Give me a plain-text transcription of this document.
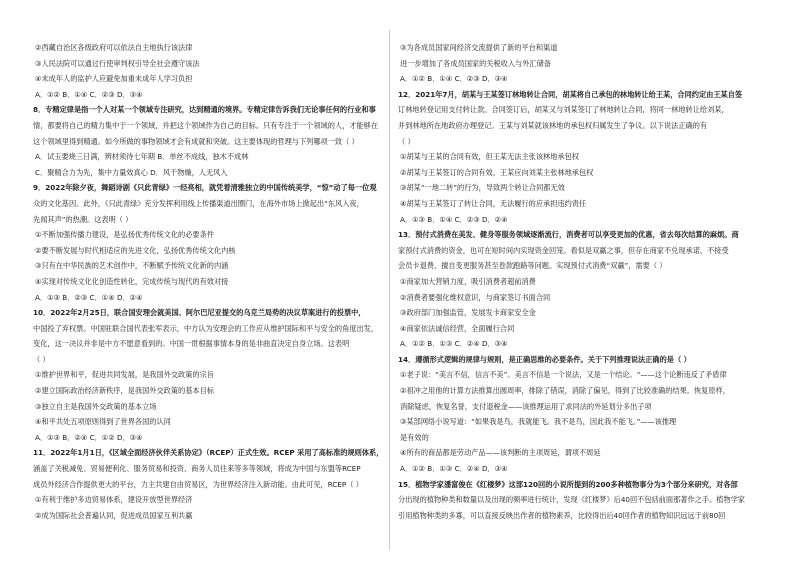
②西藏自治区各级政府可以依法自主地执行该法律
③人民法院可以通过行使审判权引导全社会遵守该法
④未成年人的监护人应避免加重未成年人学习负担
A．①② B．①④ C．②③ D．③④
8．专精定律是指一个人对某一个领域专注研究，达到精通的境界。专精定律告诉我们无论事任何的行业和事
情，都要将自己的精力集中于一个领域，并把这个领域作为自己的目标。只有专注于一个领域的人，才能够在
这个领域里得到精通。如今所做的事物领域才会有成就和突破。这主要体现的哲理与下列哪项一致（ ）
A．试玉要烧三日满，辨材须待七年期 B．单丝不成线，独木不成林
C．聚精合力为先，集中力量效真心 D．风干物燥，人无风入
9．2022年除夕夜，舞蹈诗剧《只此青绿》一经亮相，就凭着清雅独立的中国传统美学，“惊”动了每一位观
众的文化基因。此外，《只此青绿》充分发挥利用线上传播渠道出圈门，在海外市场上掀起出“东风入夜，
先闻其声”的热潮。这表明（ ）
①不断加强传播力建设，是弘扬优秀传统文化的必要条件
②要不断发展与时代相适应的先进文化，弘扬优秀传统文化内核
③只有在中华民族的艺术创作中，不断赋予传统文化新的内涵
④实现对传统文化化创造性转化，完成传统与现代的有效对接
A．①③ B．②③ C．①④ D．②④
10．2022年2月25日，联合国安理会就美国、阿尔巴尼亚提交的乌克兰局势的决议草案进行的投票中，
中国投了弃权票。中国驻联合国代表张军表示，中方认为安理会的工作应从维护国际和平与安全的角度出发，
变化，这一决议并非是中方不愿意看到的。中国一贯根据事情本身的是非曲直决定自身立场。这表明
（ ）
①维护世界和平，促进共同发展，是我国外交政策的宗旨
②建立国际政治经济新秩序，是我国外交政策的基本目标
③独立自主是我国外交政策的基本立场
④和平共处五项原则得到了世界各国的认同
A．①③ B．②④ C．①② D．③④
11．2022年1月1日，《区域全面经济伙伴关系协定》（RCEP）正式生效。RCEP 采用了高标准的规则体系，
涵盖了关税减免、贸易便利化、服务贸易和投资、商务人员往来等多等领域，将成为中国与东盟等RCEP
成员外经济合作提供更大的平台，力主共建自由贸易区，为世界经济注入新动能。由此可见，RCEP（ ）
①有利于维护多边贸易体系，建设开放型世界经济
②成为国际社会普遍认同，促进成员国家互利共赢
③为各成员国家间经济交流提供了新的平台和渠道
进一步增加了各成员国家的关税收入与外汇储备
A．①② B．①④ C．②③ D．③④
12．2021年7月，胡某与王某签订林地转让合同，胡某将自己承包的林地转让给王某，合同约定由王某自签
订林地转登记用支付转让款。合同签订后，胡某又与刘某签订了林地转让合同，将同一林地转让给刘某，
并到林地所在地政府办理登记。王某与刘某就该林地的承包权归属发生了争议。以下说法正确的有
（ ）
①胡某与王某的合同有效，但王某无法主张该林地承包权
②胡某与王某签订的合同有效，王某应向刘某主张林地承包权
③胡某“一地二转”的行为，导致两个转让合同都无效
④胡某与王某签订了转让合同，无法履行的应承担违约责任
A．①③ B．①④ C．②③ D．②④
13．预付式消费在美发、健身等服务领域逐渐流行，消费者可以享受更加的优惠，省去每次结算的麻烦。商
家预付式消费的资金，也可在短时间内实现资金回笼。看似是双赢之事，但存在商家不兑现承诺、不接受
会员卡退费、擅自变更服务甚至卷款跑路等问题。实现预付式消费“双赢”，需要（ ）
①商家加大营销力度，吸引消费者超前消费
②消费者要强化维权意识，与商家签订书面合同
③政府部门加强监管，发展发卡商家安全金
④商家依法诚信经营，全面履行合同
A．①② B．①③ C．②④ D．③④
14．遵循形式逻辑的规律与规则，是正确思维的必要条件。关于下列推理说法正确的是（ ）
①老子说：“美言不信，信言不美”。美言不信是一个说法，又是一个结论。“——这个论断违反了矛盾律
②祖冲之用他的计算方法推算出圆周率，排除了错误，消除了偏见，得到了比较准确的结果。恢复原样，
消除疑虑，恢复名誉，支付退税金——该推理运用了求同法的外延划分多出子项
③某部网络小说写道：“如果我是鸟，我就能飞。我不是鸟，因此我不能飞。”——该推理
是有效的
④所有的商品都是劳动产品——该判断的主项周延，谓项不周延
A．①② B．①③ C．②④ D．③④
15．植物学家潘富俊在《红楼梦》这部120回的小说所提到的200多种植物事分为3个部分来研究，对各部
分出现的植物种类和数量以及出现的频率进行统计，发现《红楼梦》后40回不包括前面那著作之手。植物学家
引用植物种类的多寡，可以直接反映出作者的植物素养，比较得出后40回作者的植物知识远远于前80回
